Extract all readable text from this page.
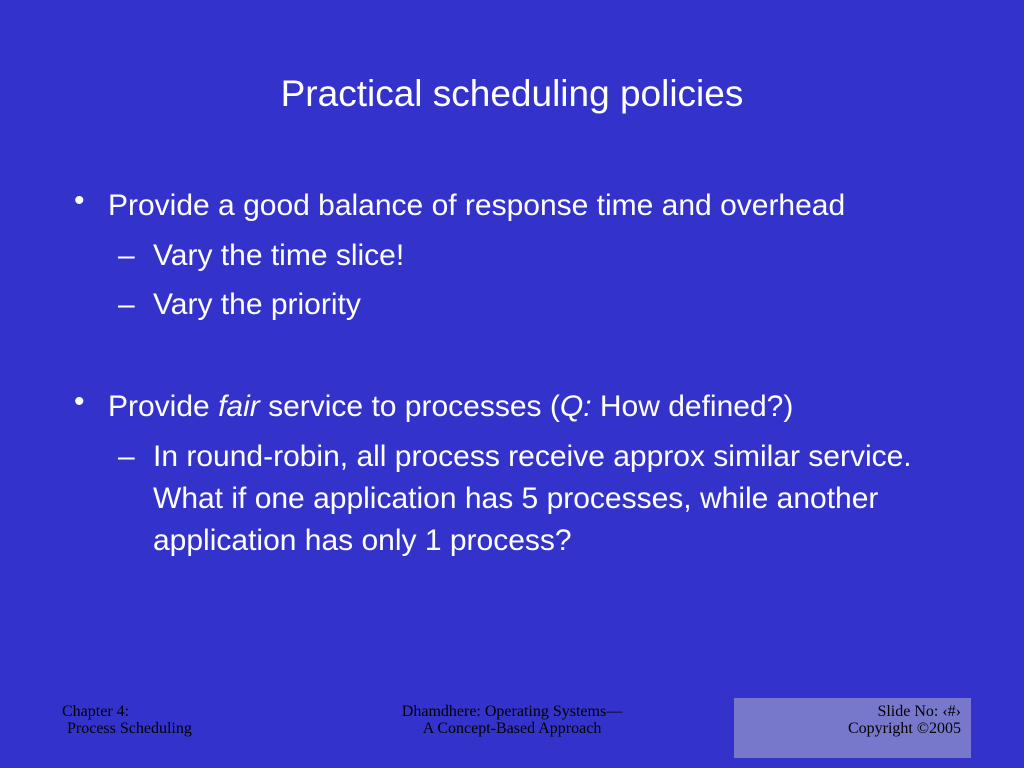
Practical scheduling policies
• Provide a good balance of response time and overhead
– Vary the time slice!
– Vary the priority
• Provide fair service to processes (Q: How defined?)
– In round-robin, all process receive approx similar service. What if one application has 5 processes, while another application has only 1 process?
Chapter 4:
Process Scheduling
Dhamdhere: Operating Systems—
A Concept-Based Approach
Slide No: ‹#›
Copyright ©2005
